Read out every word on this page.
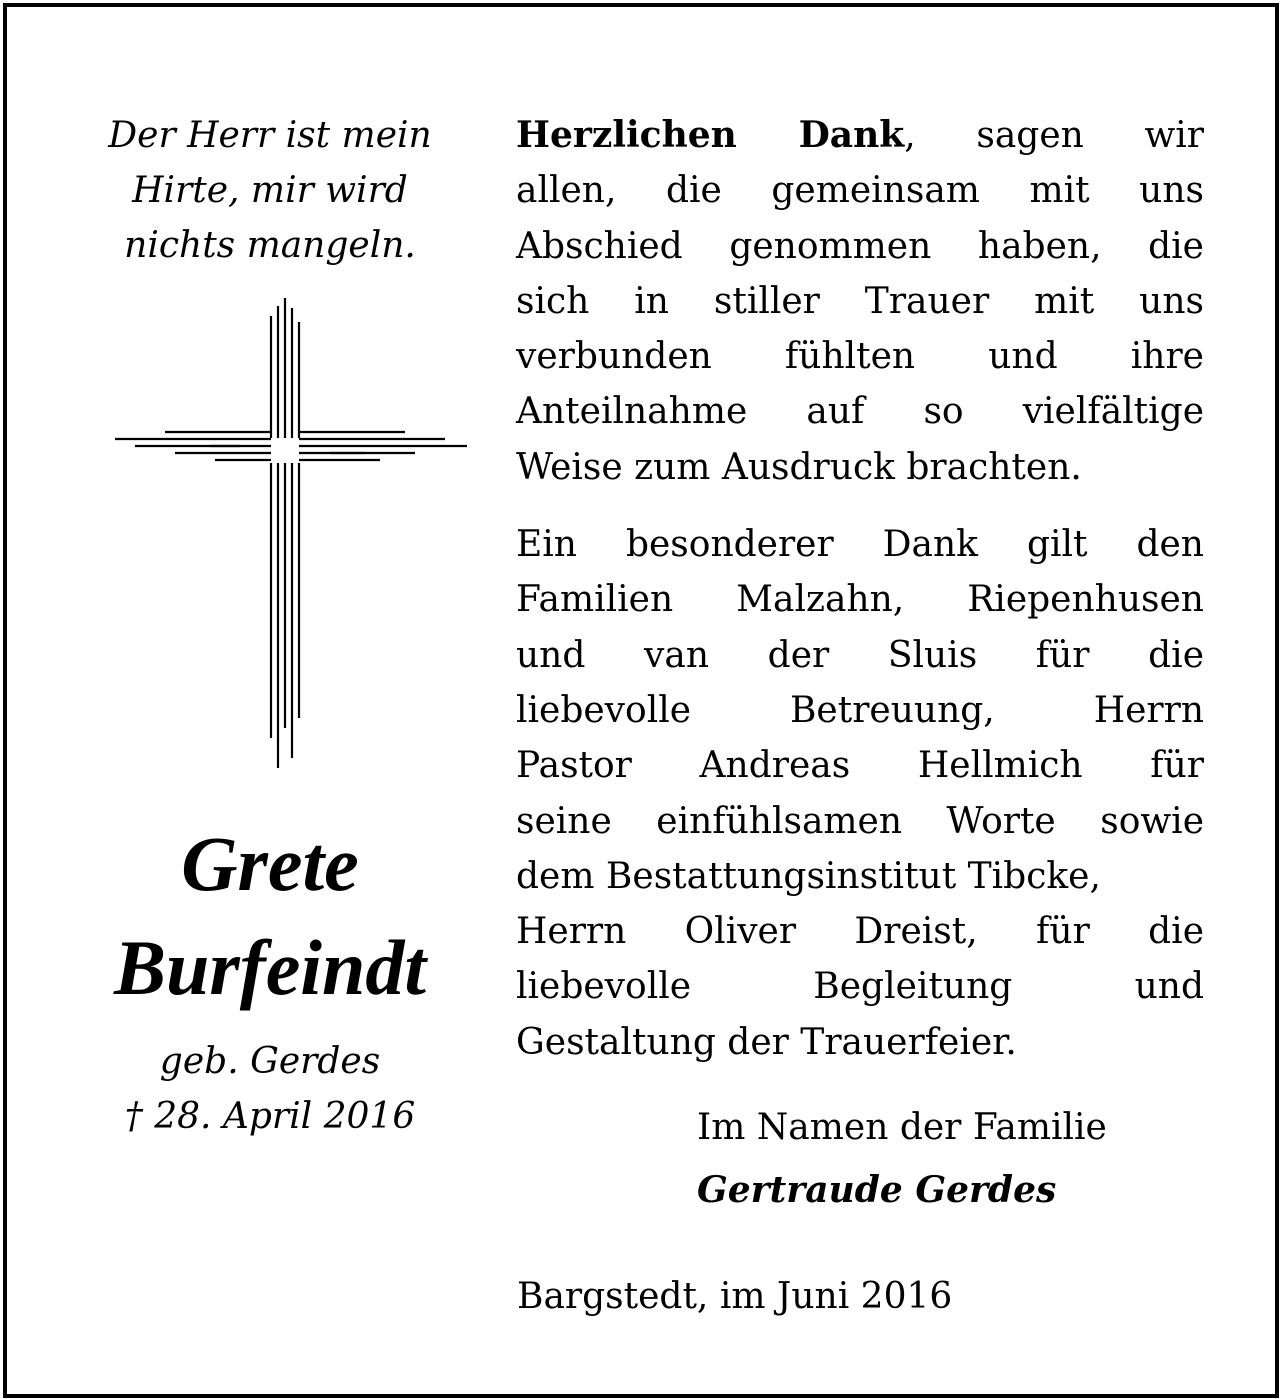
Der Herr ist mein

Hirte, mir wird

nichts mangeln.

Grete
Burfeindt
geb. Gerdes
† 28. April 2016
Herzlichen Dank, sagen wir
allen, die gemeinsam mit uns
Abschied genommen haben, die
sich in stiller Trauer mit uns
verbunden fühlten und ihre
Anteilnahme auf so vielfältige
Weise zum Ausdruck brachten.
Ein besonderer Dank gilt den
Familien Malzahn, Riepenhusen
und van der Sluis für die
liebevolle Betreuung, Herrn
Pastor Andreas Hellmich für
seine einfühlsamen Worte sowie
dem Bestattungsinstitut Tibcke,
Herrn Oliver Dreist, für die
liebevolle Begleitung und
Gestaltung der Trauerfeier.
Im Namen der Familie
Gertraude Gerdes
Bargstedt, im Juni 2016
